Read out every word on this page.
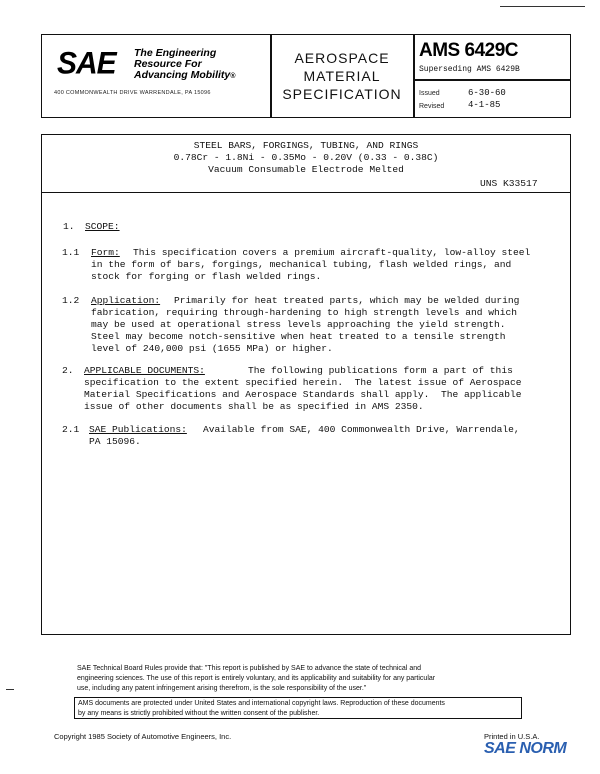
SAE The Engineering
Resource For
Advancing Mobility®
400 COMMONWEALTH DRIVE WARRENDALE, PA 15096
AEROSPACE
MATERIAL
SPECIFICATION
AMS 6429C
Superseding AMS 6429B
Issued	6-30-60
Revised	4-1-85
STEEL BARS, FORGINGS, TUBING, AND RINGS
0.78Cr - 1.8Ni - 0.35Mo - 0.20V (0.33 - 0.38C)
Vacuum Consumable Electrode Melted
UNS K33517
1. SCOPE:
1.1 Form: This specification covers a premium aircraft-quality, low-alloy steel
in the form of bars, forgings, mechanical tubing, flash welded rings, and
stock for forging or flash welded rings.
1.2 Application: Primarily for heat treated parts, which may be welded during
fabrication, requiring through-hardening to high strength levels and which
may be used at operational stress levels approaching the yield strength.
Steel may become notch-sensitive when heat treated to a tensile strength
level of 240,000 psi (1655 MPa) or higher.
2. APPLICABLE DOCUMENTS:	The following publications form a part of this
specification to the extent specified herein.  The latest issue of Aerospace
Material Specifications and Aerospace Standards shall apply.  The applicable
issue of other documents shall be as specified in AMS 2350.
2.1 SAE Publications: Available from SAE, 400 Commonwealth Drive, Warrendale,
PA 15096.
SAE Technical Board Rules provide that: "This report is published by SAE to advance the state of technical and
engineering sciences. The use of this report is entirely voluntary, and its applicability and suitability for any particular
use, including any patent infringement arising therefrom, is the sole responsibility of the user."
AMS documents are protected under United States and international copyright laws. Reproduction of these documents
by any means is strictly prohibited without the written consent of the publisher.
Copyright 1985 Society of Automotive Engineers, Inc.	Printed in U.S.A.
SAE NORM
